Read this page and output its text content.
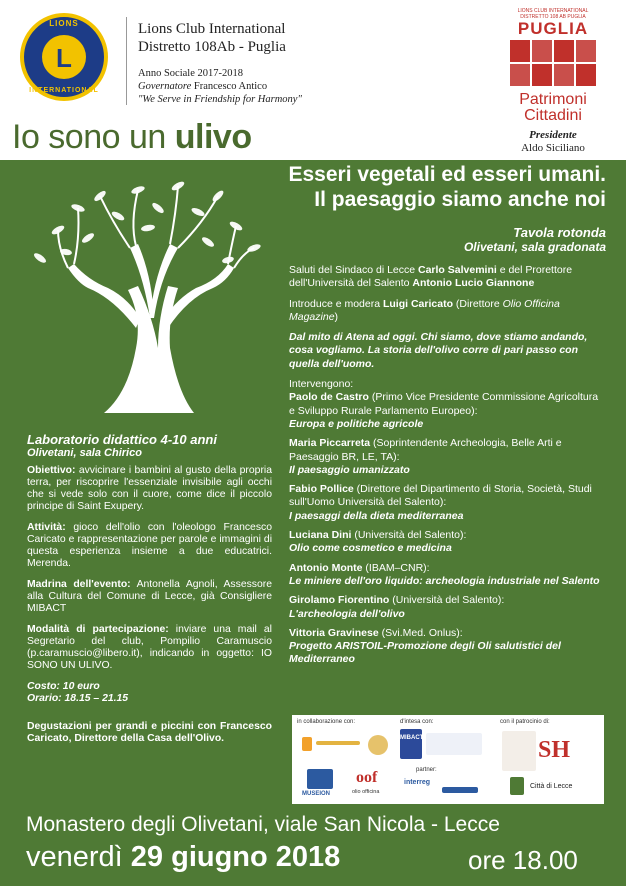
LIONS
L
INTERNATIONAL
Lions Club International
Distretto 108Ab - Puglia
Anno Sociale 2017-2018
Governatore Francesco Antico
"We Serve in Friendship for Harmony"
LIONS CLUB INTERNATIONAL DISTRETTO 108 AB PUGLIA
PUGLIA
Patrimoni
Cittadini
Presidente
Aldo Siciliano
Io sono un ulivo
Esseri vegetali ed esseri umani.
Il paesaggio siamo anche noi
Tavola rotonda
Olivetani, sala gradonata

Saluti del Sindaco di Lecce Carlo Salvemini e del Prorettore dell'Università del Salento Antonio Lucio Giannone

Introduce e modera Luigi Caricato (Direttore Olio Officina Magazine)

Dal mito di Atena ad oggi. Chi siamo, dove stiamo andando, cosa vogliamo. La storia dell'olivo corre di pari passo con quella dell'uomo.

Intervengono:

Paolo de Castro (Primo Vice Presidente Commissione Agricoltura e Sviluppo Rurale Parlamento Europeo):
Europa e politiche agricole

Maria Piccarreta (Soprintendente Archeologia, Belle Arti e Paesaggio BR, LE, TA):
Il paesaggio umanizzato

Fabio Pollice (Direttore del Dipartimento di Storia, Società, Studi sull'Uomo Università del Salento):
I paesaggi della dieta mediterranea

Luciana Dini (Università del Salento):
Olio come cosmetico e medicina

Antonio Monte (IBAM–CNR):
Le miniere dell'oro liquido: archeologia industriale nel Salento

Girolamo Fiorentino (Università del Salento):
L'archeologia dell'olivo

Vittoria Gravinese (Svi.Med. Onlus):
Progetto ARISTOIL-Promozione degli Oli salutistici del Mediterraneo

Laboratorio didattico 4-10 anni
Olivetani, sala Chirico

Obiettivo: avvicinare i bambini al gusto della propria terra, per riscoprire l'essenziale invisibile agli occhi che si vede solo con il cuore, come dice il piccolo principe di Saint Exupery.

Attività: gioco dell'olio con l'oleologo Francesco Caricato e rappresentazione per parole e immagini di questa esperienza insieme a due educatrici. Merenda.

Madrina dell'evento: Antonella Agnoli, Assessore alla Cultura del Comune di Lecce, già Consigliere MIBACT

Modalità di partecipazione: inviare una mail al Segretario del club, Pompilio Caramuscio (p.caramuscio@libero.it), indicando in oggetto: IO SONO UN ULIVO.

Costo: 10 euro
Orario: 18.15 – 21.15

Degustazioni per grandi e piccini con Francesco Caricato, Direttore della Casa dell'Olivo.

in collaborazione con:	d'intesa con:	con il patrocinio di:
partner:
MUSEION
oof
olio officina
MIBACT
interreg
SH
Città di Lecce
Monastero degli Olivetani, viale San Nicola - Lecce
venerdì 29 giugno 2018	ore 18.00
